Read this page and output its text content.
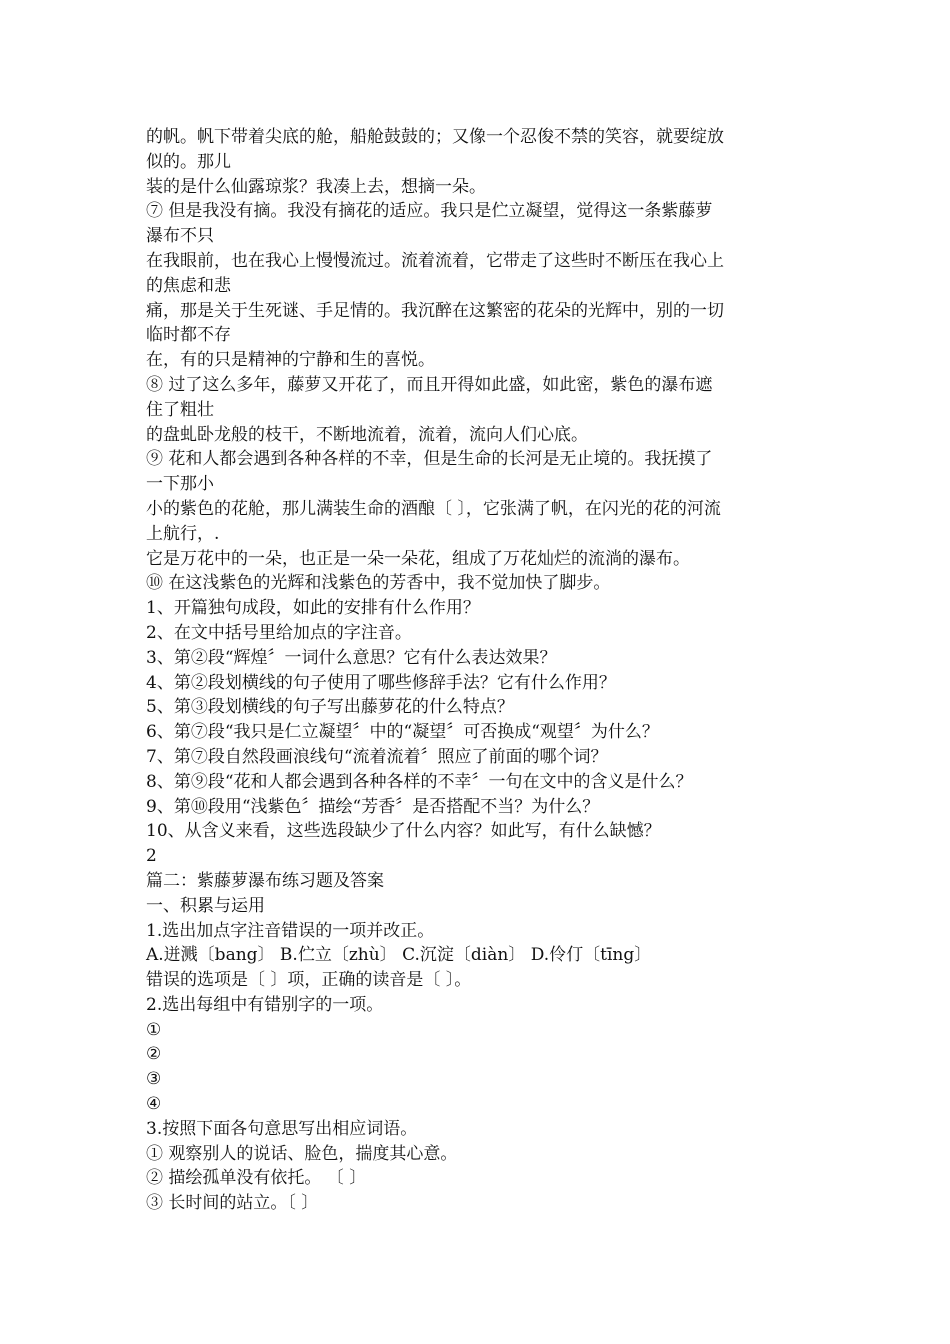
的帆。帆下带着尖底的舱，船舱鼓鼓的；又像一个忍俊不禁的笑容，就要绽放
似的。那儿
装的是什么仙露琼浆？我凑上去，想摘一朵。
⑦ 但是我没有摘。我没有摘花的适应。我只是伫立凝望，觉得这一条紫藤萝
瀑布不只
在我眼前，也在我心上慢慢流过。流着流着，它带走了这些时不断压在我心上
的焦虑和悲
痛，那是关于生死谜、手足情的。我沉醉在这繁密的花朵的光辉中，别的一切
临时都不存
在，有的只是精神的宁静和生的喜悦。
⑧ 过了这么多年，藤萝又开花了，而且开得如此盛，如此密，紫色的瀑布遮
住了粗壮
的盘虬卧龙般的枝干，不断地流着，流着，流向人们心底。
⑨ 花和人都会遇到各种各样的不幸，但是生命的长河是无止境的。我抚摸了
一下那小
小的紫色的花舱，那儿满装生命的酒酿〔 〕，它张满了帆，在闪光的花的河流
上航行，.
它是万花中的一朵，也正是一朵一朵花，组成了万花灿烂的流淌的瀑布。
⑩ 在这浅紫色的光辉和浅紫色的芳香中，我不觉加快了脚步。
1、开篇独句成段，如此的安排有什么作用？
2、在文中括号里给加点的字注音。
3、第②段“辉煌〞一词什么意思？它有什么表达效果？
4、第②段划横线的句子使用了哪些修辞手法？它有什么作用？
5、第③段划横线的句子写出藤萝花的什么特点？
6、第⑦段“我只是仁立凝望〞中的“凝望〞可否换成“观望〞为什么？
7、第⑦段自然段画浪线句“流着流着〞照应了前面的哪个词？
8、第⑨段“花和人都会遇到各种各样的不幸〞一句在文中的含义是什么？
9、第⑩段用“浅紫色〞描绘“芳香〞是否搭配不当？为什么？
10、从含义来看，这些选段缺少了什么内容？如此写，有什么缺憾？
2
篇二：紫藤萝瀑布练习题及答案
一、积累与运用
1.选出加点字注音错误的一项并改正。
A.迸溅〔bang〕 B.伫立〔zhù〕 C.沉淀〔diàn〕 D.伶仃〔tīng〕
错误的选项是〔 〕项，正确的读音是〔 〕。
2.选出每组中有错别字的一项。
①
②
③
④
3.按照下面各句意思写出相应词语。
① 观察别人的说话、脸色，揣度其心意。
② 描绘孤单没有依托。 〔 〕
③ 长时间的站立。〔 〕
